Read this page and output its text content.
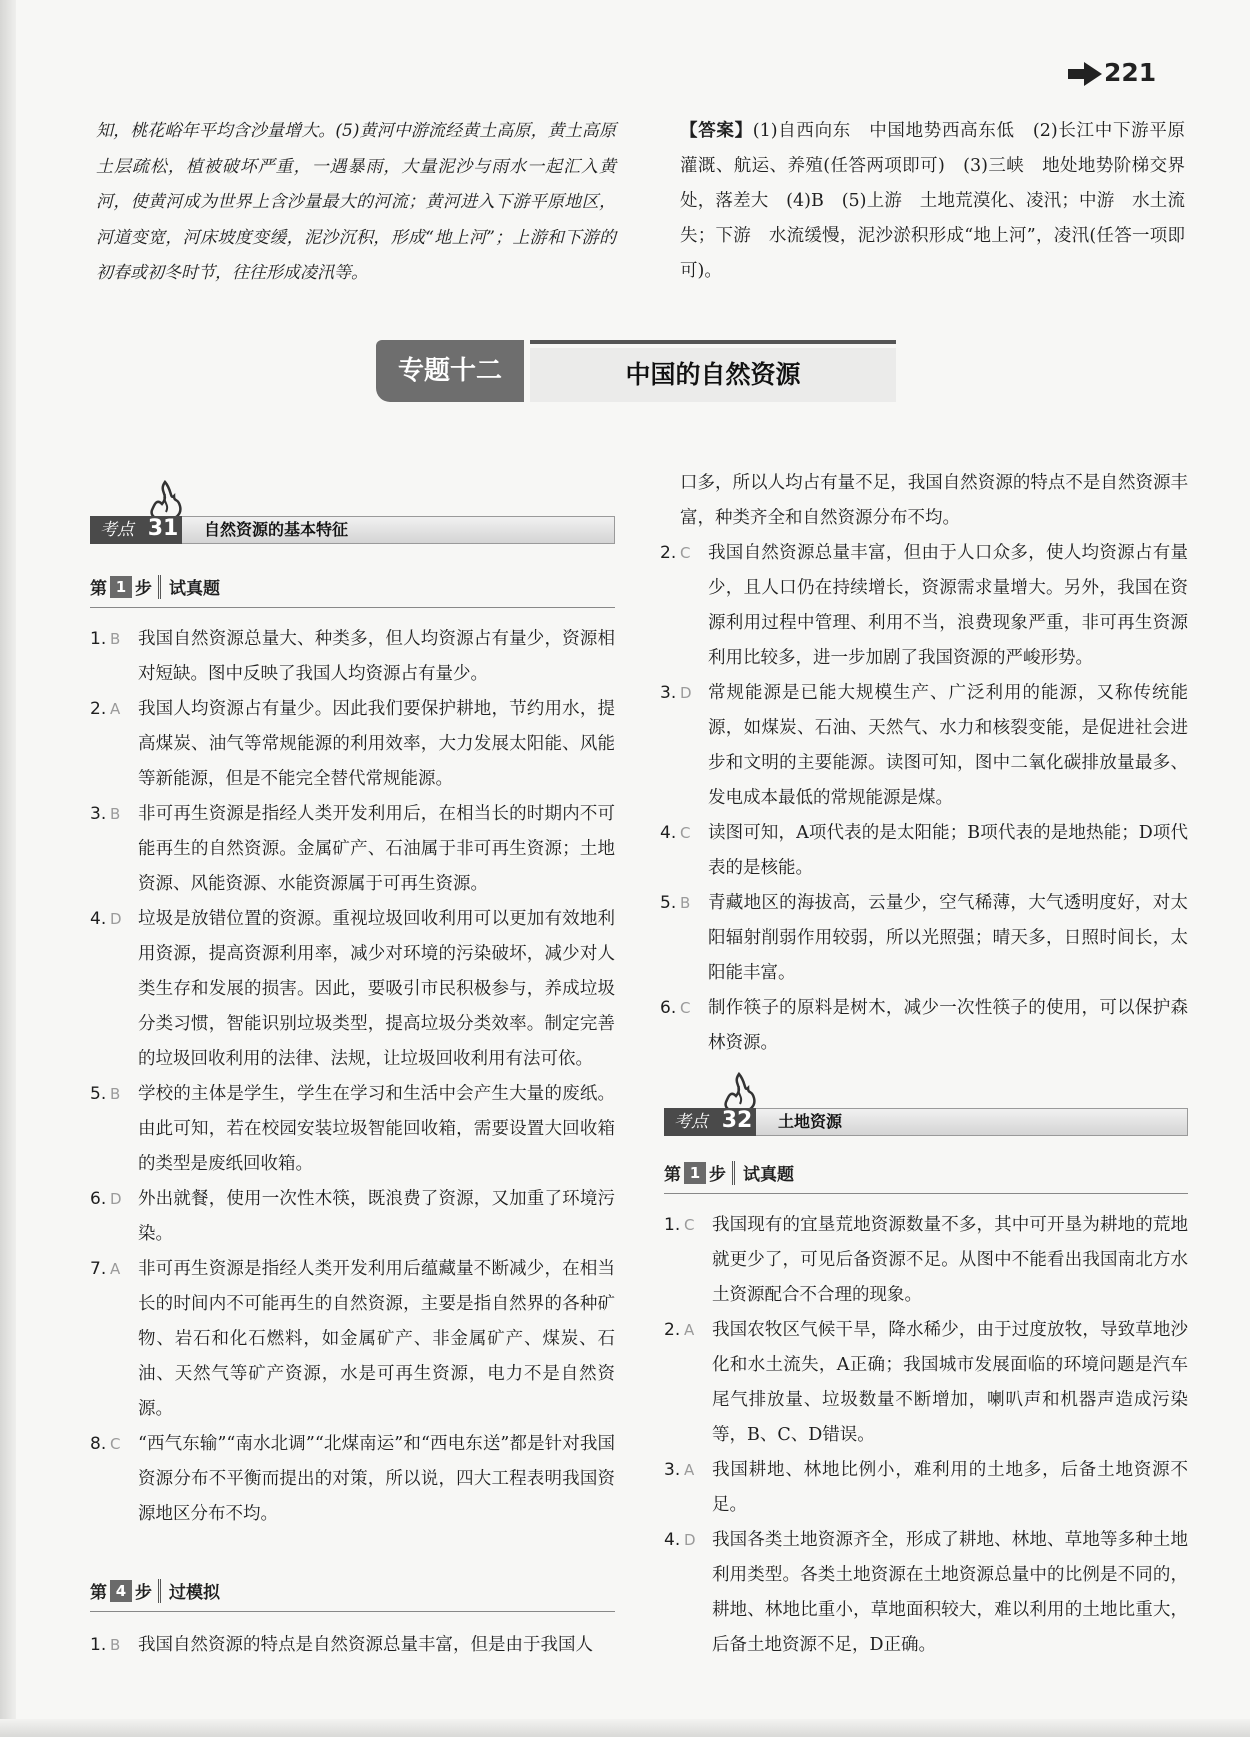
221

知，桃花峪年平均含沙量增大。(5)黄河中游流经黄土高原，黄土高原土层疏松，植被破坏严重，一遇暴雨，大量泥沙与雨水一起汇入黄河，使黄河成为世界上含沙量最大的河流；黄河进入下游平原地区，河道变宽，河床坡度变缓，泥沙沉积，形成“地上河”；上游和下游的初春或初冬时节，往往形成凌汛等。

【答案】(1)自西向东　中国地势西高东低　(2)长江中下游平原　灌溉、航运、养殖(任答两项即可)　(3)三峡　地处地势阶梯交界处，落差大　(4)B　(5)上游　土地荒漠化、凌汛；中游　水土流失；下游　水流缓慢，泥沙淤积形成“地上河”，凌汛(任答一项即可)。

专题十二	中国的自然资源
考点 31 自然资源的基本特征
第 1 步 试真题
1. B	我国自然资源总量大、种类多，但人均资源占有量少，资源相对短缺。图中反映了我国人均资源占有量少。
2. A	我国人均资源占有量少。因此我们要保护耕地，节约用水，提高煤炭、油气等常规能源的利用效率，大力发展太阳能、风能等新能源，但是不能完全替代常规能源。
3. B	非可再生资源是指经人类开发利用后，在相当长的时期内不可能再生的自然资源。金属矿产、石油属于非可再生资源；土地资源、风能资源、水能资源属于可再生资源。
4. D 垃圾是放错位置的资源。重视垃圾回收利用可以更加有效地利用资源，提高资源利用率，减少对环境的污染破坏，减少对人类生存和发展的损害。因此，要吸引市民积极参与，养成垃圾分类习惯，智能识别垃圾类型，提高垃圾分类效率。制定完善的垃圾回收利用的法律、法规，让垃圾回收利用有法可依。
5. B	学校的主体是学生，学生在学习和生活中会产生大量的废纸。由此可知，若在校园安装垃圾智能回收箱，需要设置大回收箱的类型是废纸回收箱。
6. D 外出就餐，使用一次性木筷，既浪费了资源，又加重了环境污染。
7. A	非可再生资源是指经人类开发利用后蕴藏量不断减少，在相当长的时间内不可能再生的自然资源，主要是指自然界的各种矿物、岩石和化石燃料，如金属矿产、非金属矿产、煤炭、石油、天然气等矿产资源，水是可再生资源，电力不是自然资源。
8. C	“西气东输”“南水北调”“北煤南运”和“西电东送”都是针对我国资源分布不平衡而提出的对策，所以说，四大工程表明我国资源地区分布不均。
第 4 步 过模拟
1. B	我国自然资源的特点是自然资源总量丰富，但是由于我国人

口多，所以人均占有量不足，我国自然资源的特点不是自然资源丰富，种类齐全和自然资源分布不均。

2. C	我国自然资源总量丰富，但由于人口众多，使人均资源占有量少，且人口仍在持续增长，资源需求量增大。另外，我国在资源利用过程中管理、利用不当，浪费现象严重，非可再生资源利用比较多，进一步加剧了我国资源的严峻形势。
3. D 常规能源是已能大规模生产、广泛利用的能源，又称传统能源，如煤炭、石油、天然气、水力和核裂变能，是促进社会进步和文明的主要能源。读图可知，图中二氧化碳排放量最多、发电成本最低的常规能源是煤。
4. C	读图可知，A项代表的是太阳能；B项代表的是地热能；D项代表的是核能。
5. B	青藏地区的海拔高，云量少，空气稀薄，大气透明度好，对太阳辐射削弱作用较弱，所以光照强；晴天多，日照时间长，太阳能丰富。
6. C	制作筷子的原料是树木，减少一次性筷子的使用，可以保护森林资源。
考点 32 土地资源
第 1 步 试真题
1. C	我国现有的宜垦荒地资源数量不多，其中可开垦为耕地的荒地就更少了，可见后备资源不足。从图中不能看出我国南北方水土资源配合不合理的现象。
2. A	我国农牧区气候干旱，降水稀少，由于过度放牧，导致草地沙化和水土流失，A正确；我国城市发展面临的环境问题是汽车尾气排放量、垃圾数量不断增加，喇叭声和机器声造成污染等，B、C、D错误。
3. A	我国耕地、林地比例小，难利用的土地多，后备土地资源不足。
4. D 我国各类土地资源齐全，形成了耕地、林地、草地等多种土地利用类型。各类土地资源在土地资源总量中的比例是不同的，耕地、林地比重小，草地面积较大，难以利用的土地比重大，后备土地资源不足，D正确。
